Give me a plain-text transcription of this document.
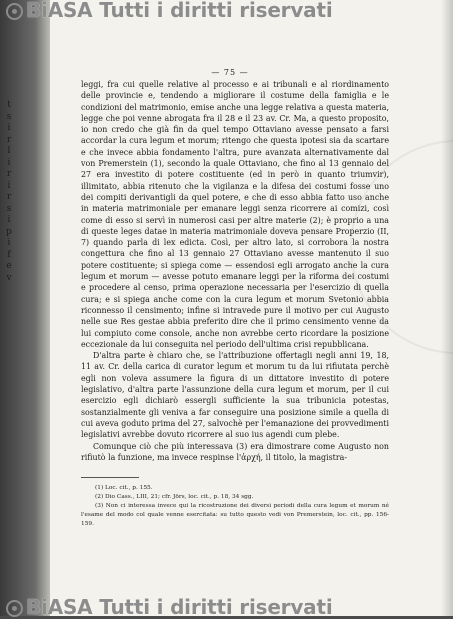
t
s
i
r
l
i
r
i
r
s
i
p
i
f
e
v
— 75 —

leggi, fra cui quelle relative al processo e ai tribunali e al riordinamento delle provincie e, tendendo a migliorare il costume della famiglia e le condizioni del matrimonio, emise anche una legge relativa a questa materia, legge che poi venne abrogata fra il 28 e il 23 av. Cr. Ma, a questo proposito, io non credo che già fin da quel tempo Ottaviano avesse pensato a farsi accordar la cura legum et morum; ritengo che questa ipotesi sia da scartare e che invece abbia fondamento l'altra, pure avanzata alternativamente dal von Premerstein (1), secondo la quale Ottaviano, che fino al 13 gennaio del 27 era investito di potere costituente (ed in però in quanto triumvir), illimitato, abbia ritenuto che la vigilanza e la difesa dei costumi fosse uno dei compiti derivantigli da quel potere, e che di esso abbia fatto uso anche in materia matrimoniale per emanare leggi senza ricorrere ai comizi, così come di esso si servì in numerosi casi per altre materie (2); è proprio a una di queste leges datae in materia matrimoniale doveva pensare Properzio (II, 7) quando parla di lex edicta. Così, per altro lato, si corrobora la nostra congettura che fino al 13 gennaio 27 Ottaviano avesse mantenuto il suo potere costituente; si spiega come — essendosi egli arrogato anche la cura legum et morum — avesse potuto emanare leggi per la riforma dei costumi e procedere al censo, prima operazione necessaria per l'esercizio di quella cura; e si spiega anche come con la cura legum et morum Svetonio abbia riconnesso il censimento; infine si intravede pure il motivo per cui Augusto nelle sue Res gestae abbia preferito dire che il primo censimento venne da lui compiuto come console, anche non avrebbe certo ricordare la posizione eccezionale da lui conseguita nel periodo dell'ultima crisi repubblicana.

D'altra parte è chiaro che, se l'attribuzione offertagli negli anni 19, 18, 11 av. Cr. della carica di curator legum et morum tu da lui rifiutata perchè egli non voleva assumere la figura di un dittatore investito di potere legislativo, d'altra parte l'assunzione della cura legum et morum, per il cui esercizio egli dichiarò essergli sufficiente la sua tribunicia potestas, sostanzialmente gli veniva a far conseguire una posizione simile a quella di cui aveva goduto prima del 27, salvochè per l'emanazione dei provvedimenti legislativi avrebbe dovuto ricorrere al suo ius agendi cum plebe.

Comunque ciò che più interessava (3) era dimostrare come Augusto non rifiutò la funzione, ma invece respinse l'ἀρχή, il titolo, la magistra-

(1) Loc. cit., p. 155.

(2) Dio Cass., LIII, 21; cfr. Jörs, loc. cit., p. 18, 34 sgg.

(3) Non ci interessa invece qui la ricostruzione dei diversi periodi della cura legum et morum né l'esame del modo col quale venne esercitata: su tutto questo vedi von Premerstein, loc. cit., pp. 156-159.

BiASA Tutti i diritti riservati
BiASA Tutti i diritti riservati
